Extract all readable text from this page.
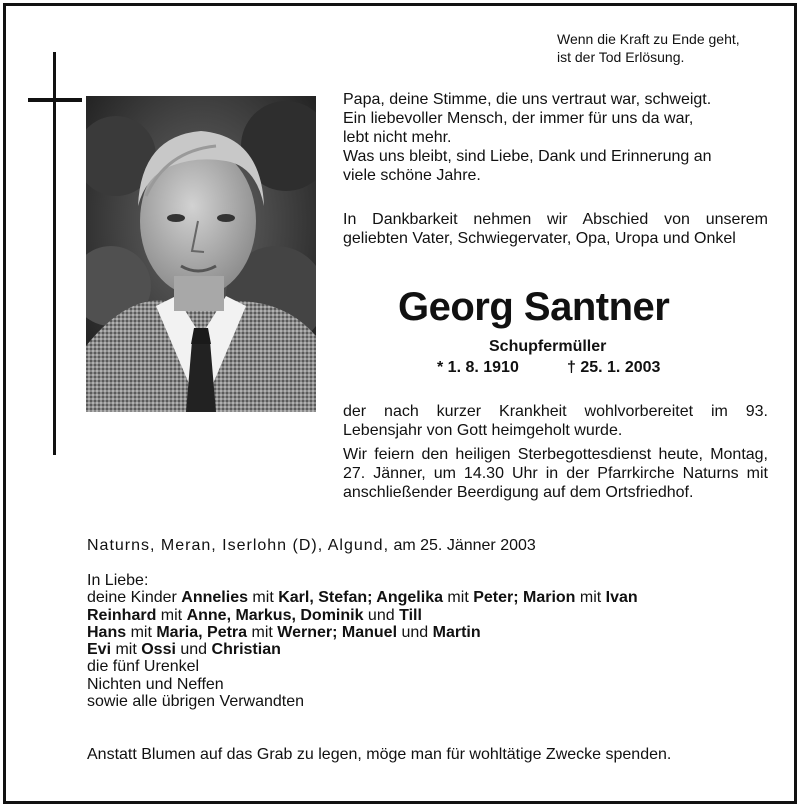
Wenn die Kraft zu Ende geht,
ist der Tod Erlösung.
Papa, deine Stimme, die uns vertraut war, schweigt.
Ein liebevoller Mensch, der immer für uns da war,
lebt nicht mehr.
Was uns bleibt, sind Liebe, Dank und Erinnerung an
viele schöne Jahre.
In Dankbarkeit nehmen wir Abschied von unserem geliebten Vater, Schwiegervater, Opa, Uropa und Onkel
Georg Santner
Schupfermüller
* 1. 8. 1910	† 25. 1. 2003
der nach kurzer Krankheit wohlvorbereitet im 93. Lebensjahr von Gott heimgeholt wurde.
Wir feiern den heiligen Sterbegottesdienst heute, Montag, 27. Jänner, um 14.30 Uhr in der Pfarrkirche Naturns mit anschließender Beerdigung auf dem Ortsfriedhof.
Naturns, Meran, Iserlohn (D), Algund, am 25. Jänner 2003
In Liebe:
deine Kinder Annelies mit Karl, Stefan; Angelika mit Peter; Marion mit Ivan
Reinhard mit Anne, Markus, Dominik und Till
Hans mit Maria, Petra mit Werner; Manuel und Martin
Evi mit Ossi und Christian
die fünf Urenkel
Nichten und Neffen
sowie alle übrigen Verwandten
Anstatt Blumen auf das Grab zu legen, möge man für wohltätige Zwecke spenden.
